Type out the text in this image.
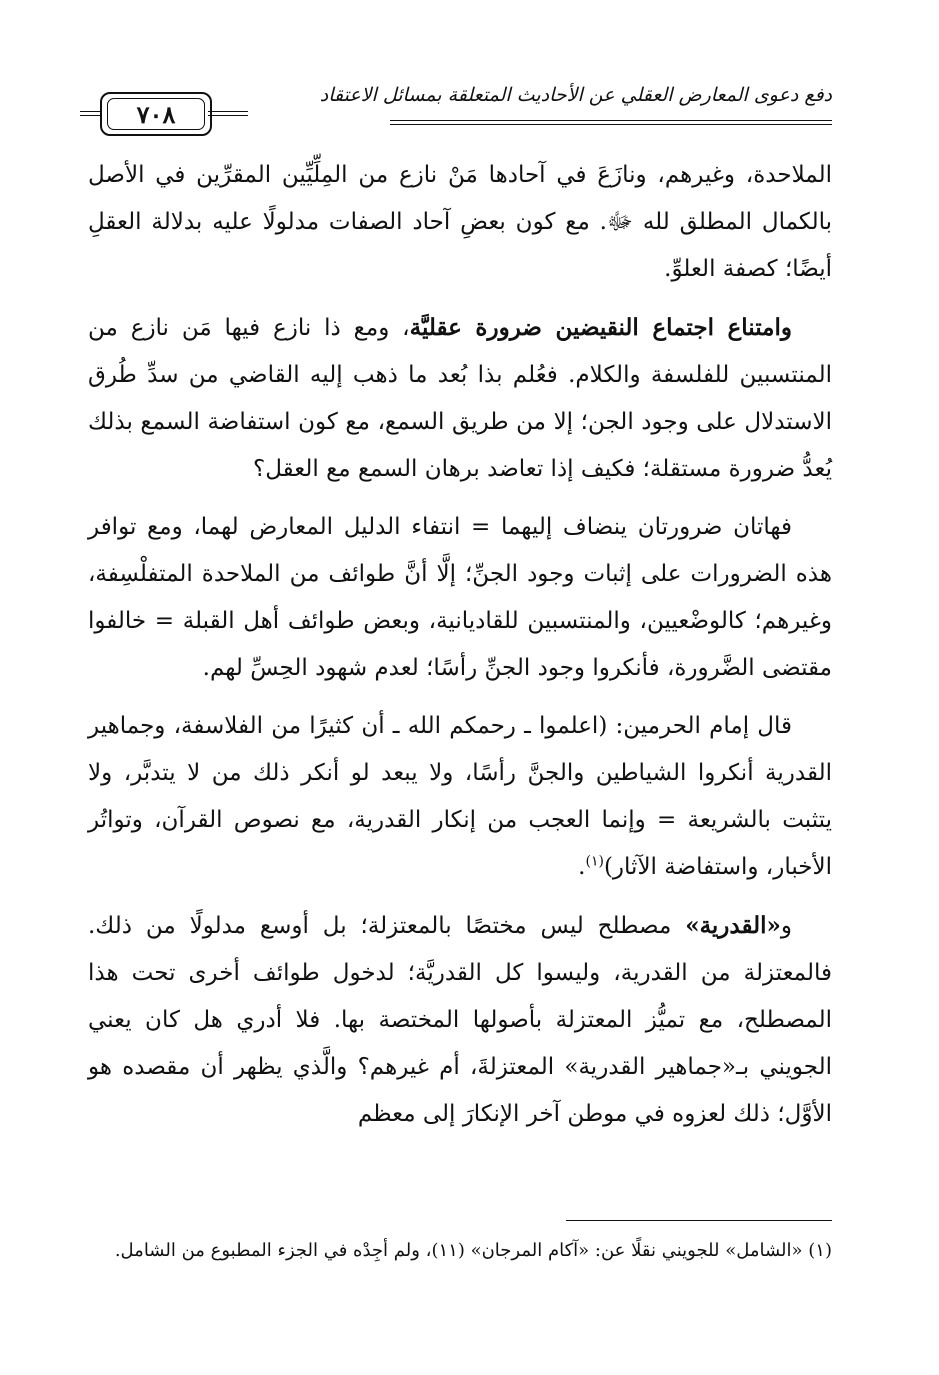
دفع دعوى المعارض العقلي عن الأحاديث المتعلقة بمسائل الاعتقاد
٧٠٨

الملاحدة، وغيرهم، ونازَعَ في آحادها مَنْ نازع من المِلِّيِّين المقرِّين في الأصل بالكمال المطلق لله ﷻ. مع كون بعضِ آحاد الصفات مدلولًا عليه بدلالة العقلِ أيضًا؛ كصفة العلوِّ.

وامتناع اجتماع النقيضين ضرورة عقليَّة، ومع ذا نازع فيها مَن نازع من المنتسبين للفلسفة والكلام. فعُلم بذا بُعد ما ذهب إليه القاضي من سدِّ طُرق الاستدلال على وجود الجن؛ إلا من طريق السمع، مع كون استفاضة السمع بذلك يُعدُّ ضرورة مستقلة؛ فكيف إذا تعاضد برهان السمع مع العقل؟

فهاتان ضرورتان ينضاف إليهما = انتفاء الدليل المعارض لهما، ومع توافر هذه الضرورات على إثبات وجود الجنِّ؛ إلَّا أنَّ طوائف من الملاحدة المتفلْسِفة، وغيرهم؛ كالوضْعيين، والمنتسبين للقاديانية، وبعض طوائف أهل القبلة = خالفوا مقتضى الضَّرورة، فأنكروا وجود الجنِّ رأسًا؛ لعدم شهود الحِسِّ لهم.

قال إمام الحرمين: (اعلموا ـ رحمكم الله ـ أن كثيرًا من الفلاسفة، وجماهير القدرية أنكروا الشياطين والجنَّ رأسًا، ولا يبعد لو أنكر ذلك من لا يتدبَّر، ولا يتثبت بالشريعة = وإنما العجب من إنكار القدرية، مع نصوص القرآن، وتواتُر الأخبار، واستفاضة الآثار)$^{(١)}$.

و«القدرية» مصطلح ليس مختصًا بالمعتزلة؛ بل أوسع مدلولًا من ذلك. فالمعتزلة من القدرية، وليسوا كل القدريَّة؛ لدخول طوائف أخرى تحت هذا المصطلح، مع تميُّز المعتزلة بأصولها المختصة بها. فلا أدري هل كان يعني الجويني بـ«جماهير القدرية» المعتزلةَ، أم غيرهم؟ والَّذي يظهر أن مقصده هو الأوَّل؛ ذلك لعزوه في موطن آخر الإنكارَ إلى معظم

(١) «الشامل» للجويني نقلًا عن: «آكام المرجان» (١١)، ولم أجِدْه في الجزء المطبوع من الشامل.
